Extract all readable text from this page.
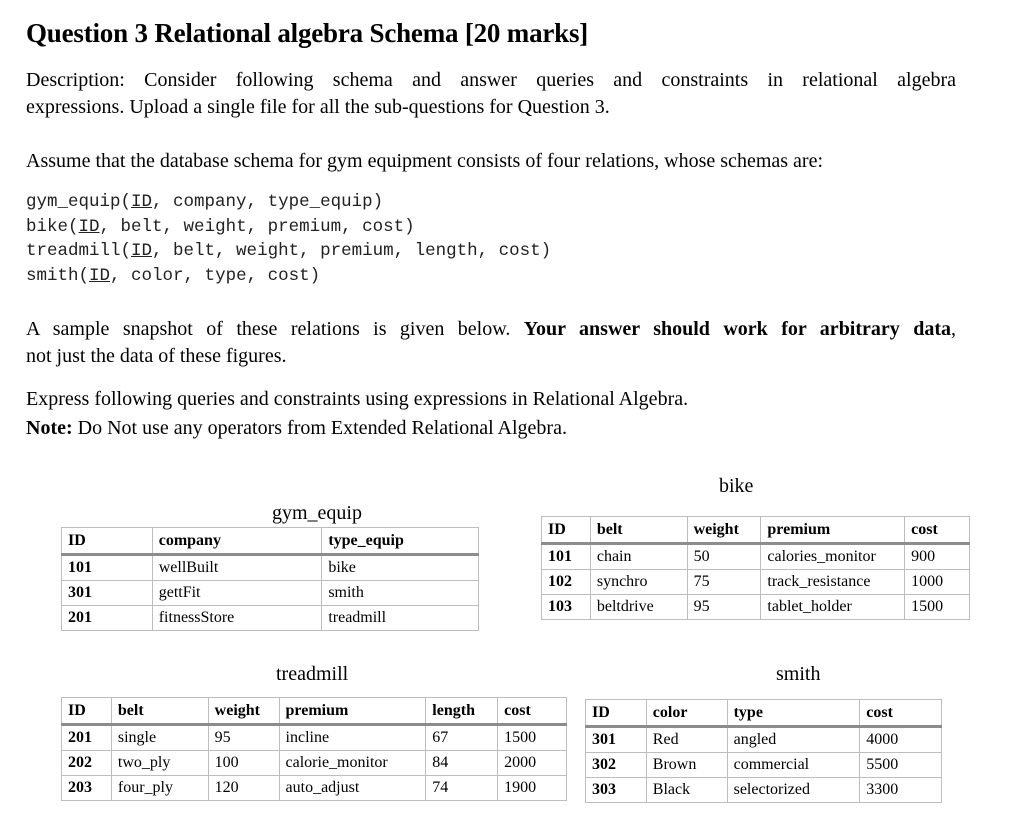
Question 3 Relational algebra Schema [20 marks]
Description: Consider following schema and answer queries and constraints in relational algebra
expressions. Upload a single file for all the sub-questions for Question 3.
Assume that the database schema for gym equipment consists of four relations, whose schemas are:
gym_equip(ID, company, type_equip)
bike(ID, belt, weight, premium, cost)
treadmill(ID, belt, weight, premium, length, cost)
smith(ID, color, type, cost)
A sample snapshot of these relations is given below. Your answer should work for arbitrary data,
not just the data of these figures.
Express following queries and constraints using expressions in Relational Algebra.
Note: Do Not use any operators from Extended Relational Algebra.
gym_equip
ID	company	type_equip
101	wellBuilt	bike
301	gettFit	smith
201	fitnessStore	treadmill
bike
ID	belt	weight	premium	cost
101	chain	50	calories_monitor	900
102	synchro	75	track_resistance	1000
103	beltdrive	95	tablet_holder	1500
treadmill
ID	belt	weight	premium	length	cost
201	single	95	incline	67	1500
202	two_ply	100	calorie_monitor	84	2000
203	four_ply	120	auto_adjust	74	1900
smith
ID	color	type	cost
301	Red	angled	4000
302	Brown	commercial	5500
303	Black	selectorized	3300
